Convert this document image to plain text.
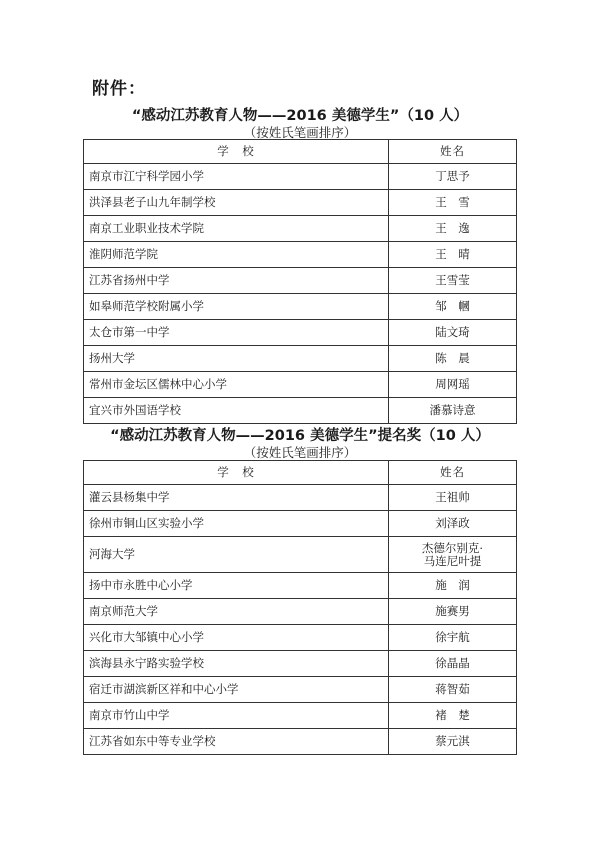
附件：
“感动江苏教育人物——2016 美德学生”（10 人）
（按姓氏笔画排序）
学　校	姓名
南京市江宁科学园小学	丁思予
洪泽县老子山九年制学校	王　雪
南京工业职业技术学院	王　逸
淮阴师范学院	王　晴
江苏省扬州中学	王雪莹
如皋师范学校附属小学	邹　幗
太仓市第一中学	陆文琦
扬州大学	陈　晨
常州市金坛区儒林中心小学	周网瑶
宜兴市外国语学校	潘慕诗意
“感动江苏教育人物——2016 美德学生”提名奖（10 人）
（按姓氏笔画排序）
学　校	姓名
灌云县杨集中学	王祖帅
徐州市铜山区实验小学	刘泽政
河海大学	杰德尔别克·
马连尼叶提

扬中市永胜中心小学	施　润
南京师范大学	施赛男
兴化市大邹镇中心小学	徐宇航
滨海县永宁路实验学校	徐晶晶
宿迁市湖滨新区祥和中心小学	蒋智茹
南京市竹山中学	褚　楚
江苏省如东中等专业学校	蔡元淇
